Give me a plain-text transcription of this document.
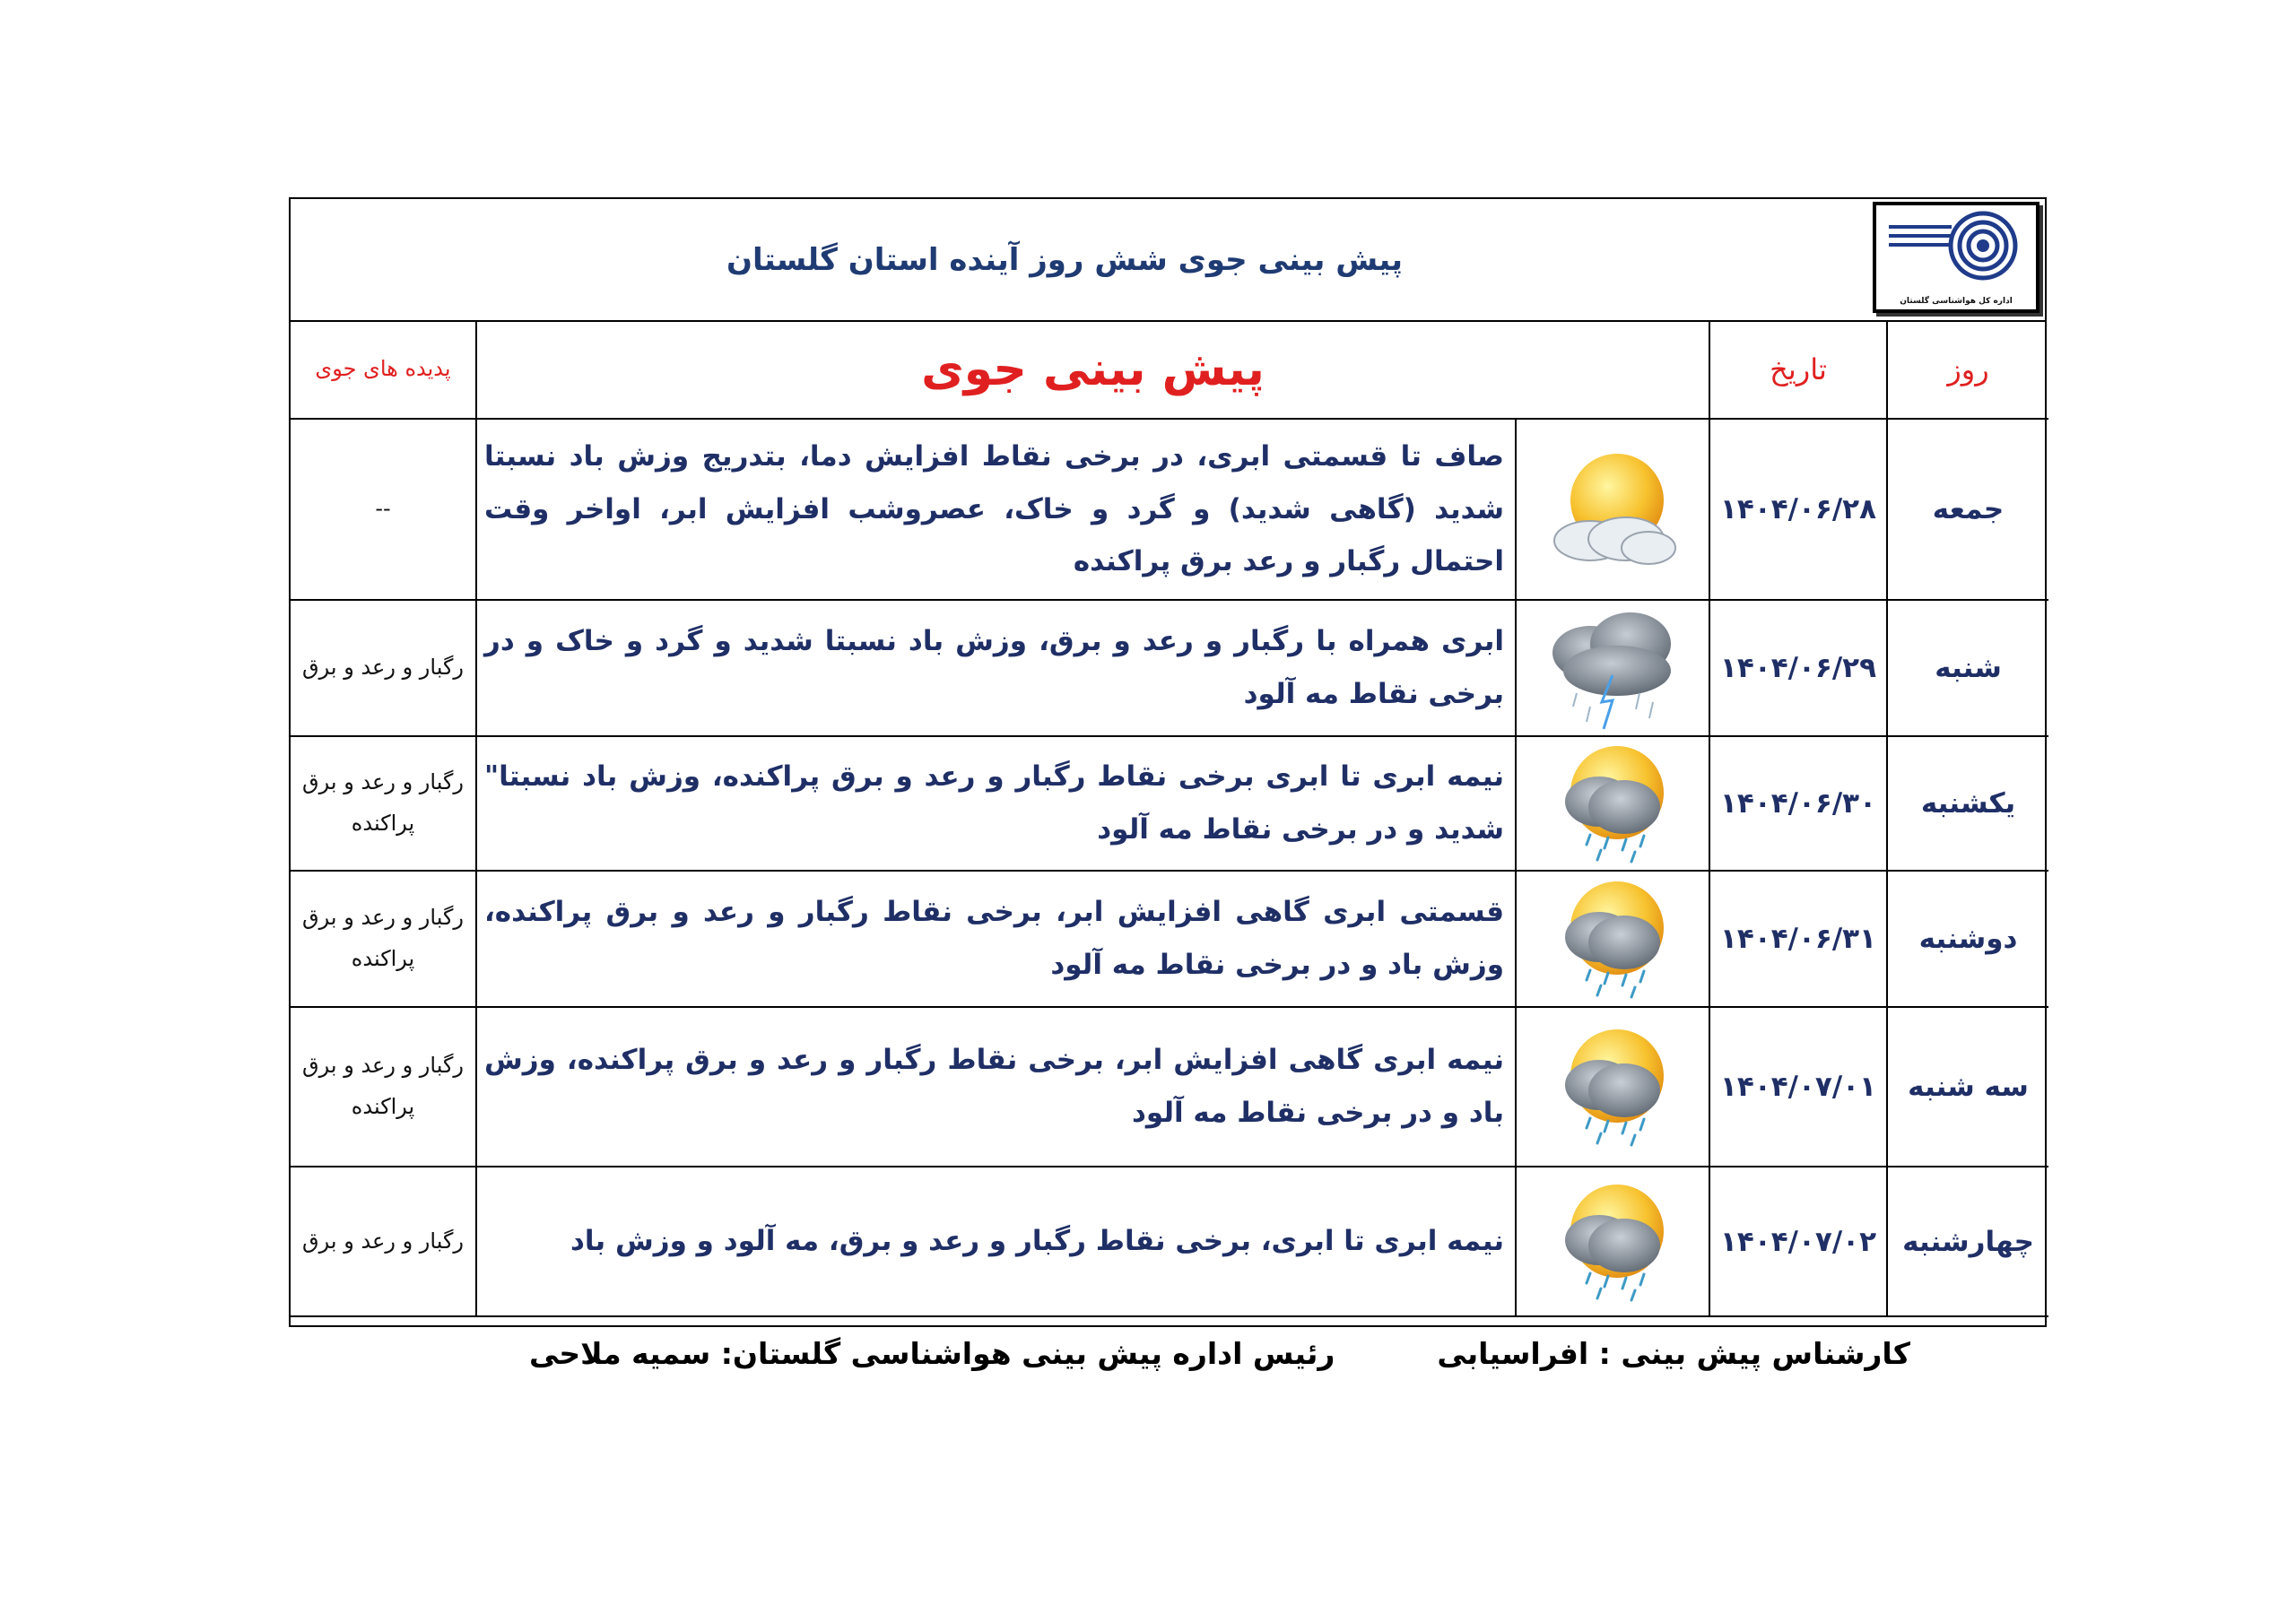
پیش بینی جوی شش روز آینده استان گلستان
اداره کل هواشناسی گلستان
روز	تاریخ	پیش بینی جوی		پدیده های جوی
جمعه	۱۴۰۴/۰۶/۲۸		صاف تا قسمتی ابری، در برخی نقاط افزایش دما، بتدریج وزش باد نسبتا شدید (گاهی شدید) و گرد و خاک، عصروشب افزایش ابر، اواخر وقت احتمال رگبار و رعد برق پراکنده	--
شنبه	۱۴۰۴/۰۶/۲۹		ابری همراه با رگبار و رعد و برق، وزش باد نسبتا شدید و گرد و خاک و در برخی نقاط مه آلود	رگبار و رعد و برق
یکشنبه	۱۴۰۴/۰۶/۳۰		نیمه ابری تا ابری برخی نقاط رگبار و رعد و برق پراکنده، وزش باد نسبتا" شدید و در برخی نقاط مه آلود	رگبار و رعد و برق پراکنده
دوشنبه	۱۴۰۴/۰۶/۳۱		قسمتی ابری گاهی افزایش ابر، برخی نقاط رگبار و رعد و برق پراکنده، وزش باد و در برخی نقاط مه آلود	رگبار و رعد و برق پراکنده
سه شنبه	۱۴۰۴/۰۷/۰۱		نیمه ابری گاهی افزایش ابر، برخی نقاط رگبار و رعد و برق پراکنده، وزش باد و در برخی نقاط مه آلود	رگبار و رعد و برق پراکنده
چهارشنبه	۱۴۰۴/۰۷/۰۲		نیمه ابری تا ابری، برخی نقاط رگبار و رعد و برق، مه آلود و وزش باد	رگبار و رعد و برق
کارشناس پیش بینی : افراسیابی
رئیس اداره پیش بینی هواشناسی گلستان: سمیه ملاحی
